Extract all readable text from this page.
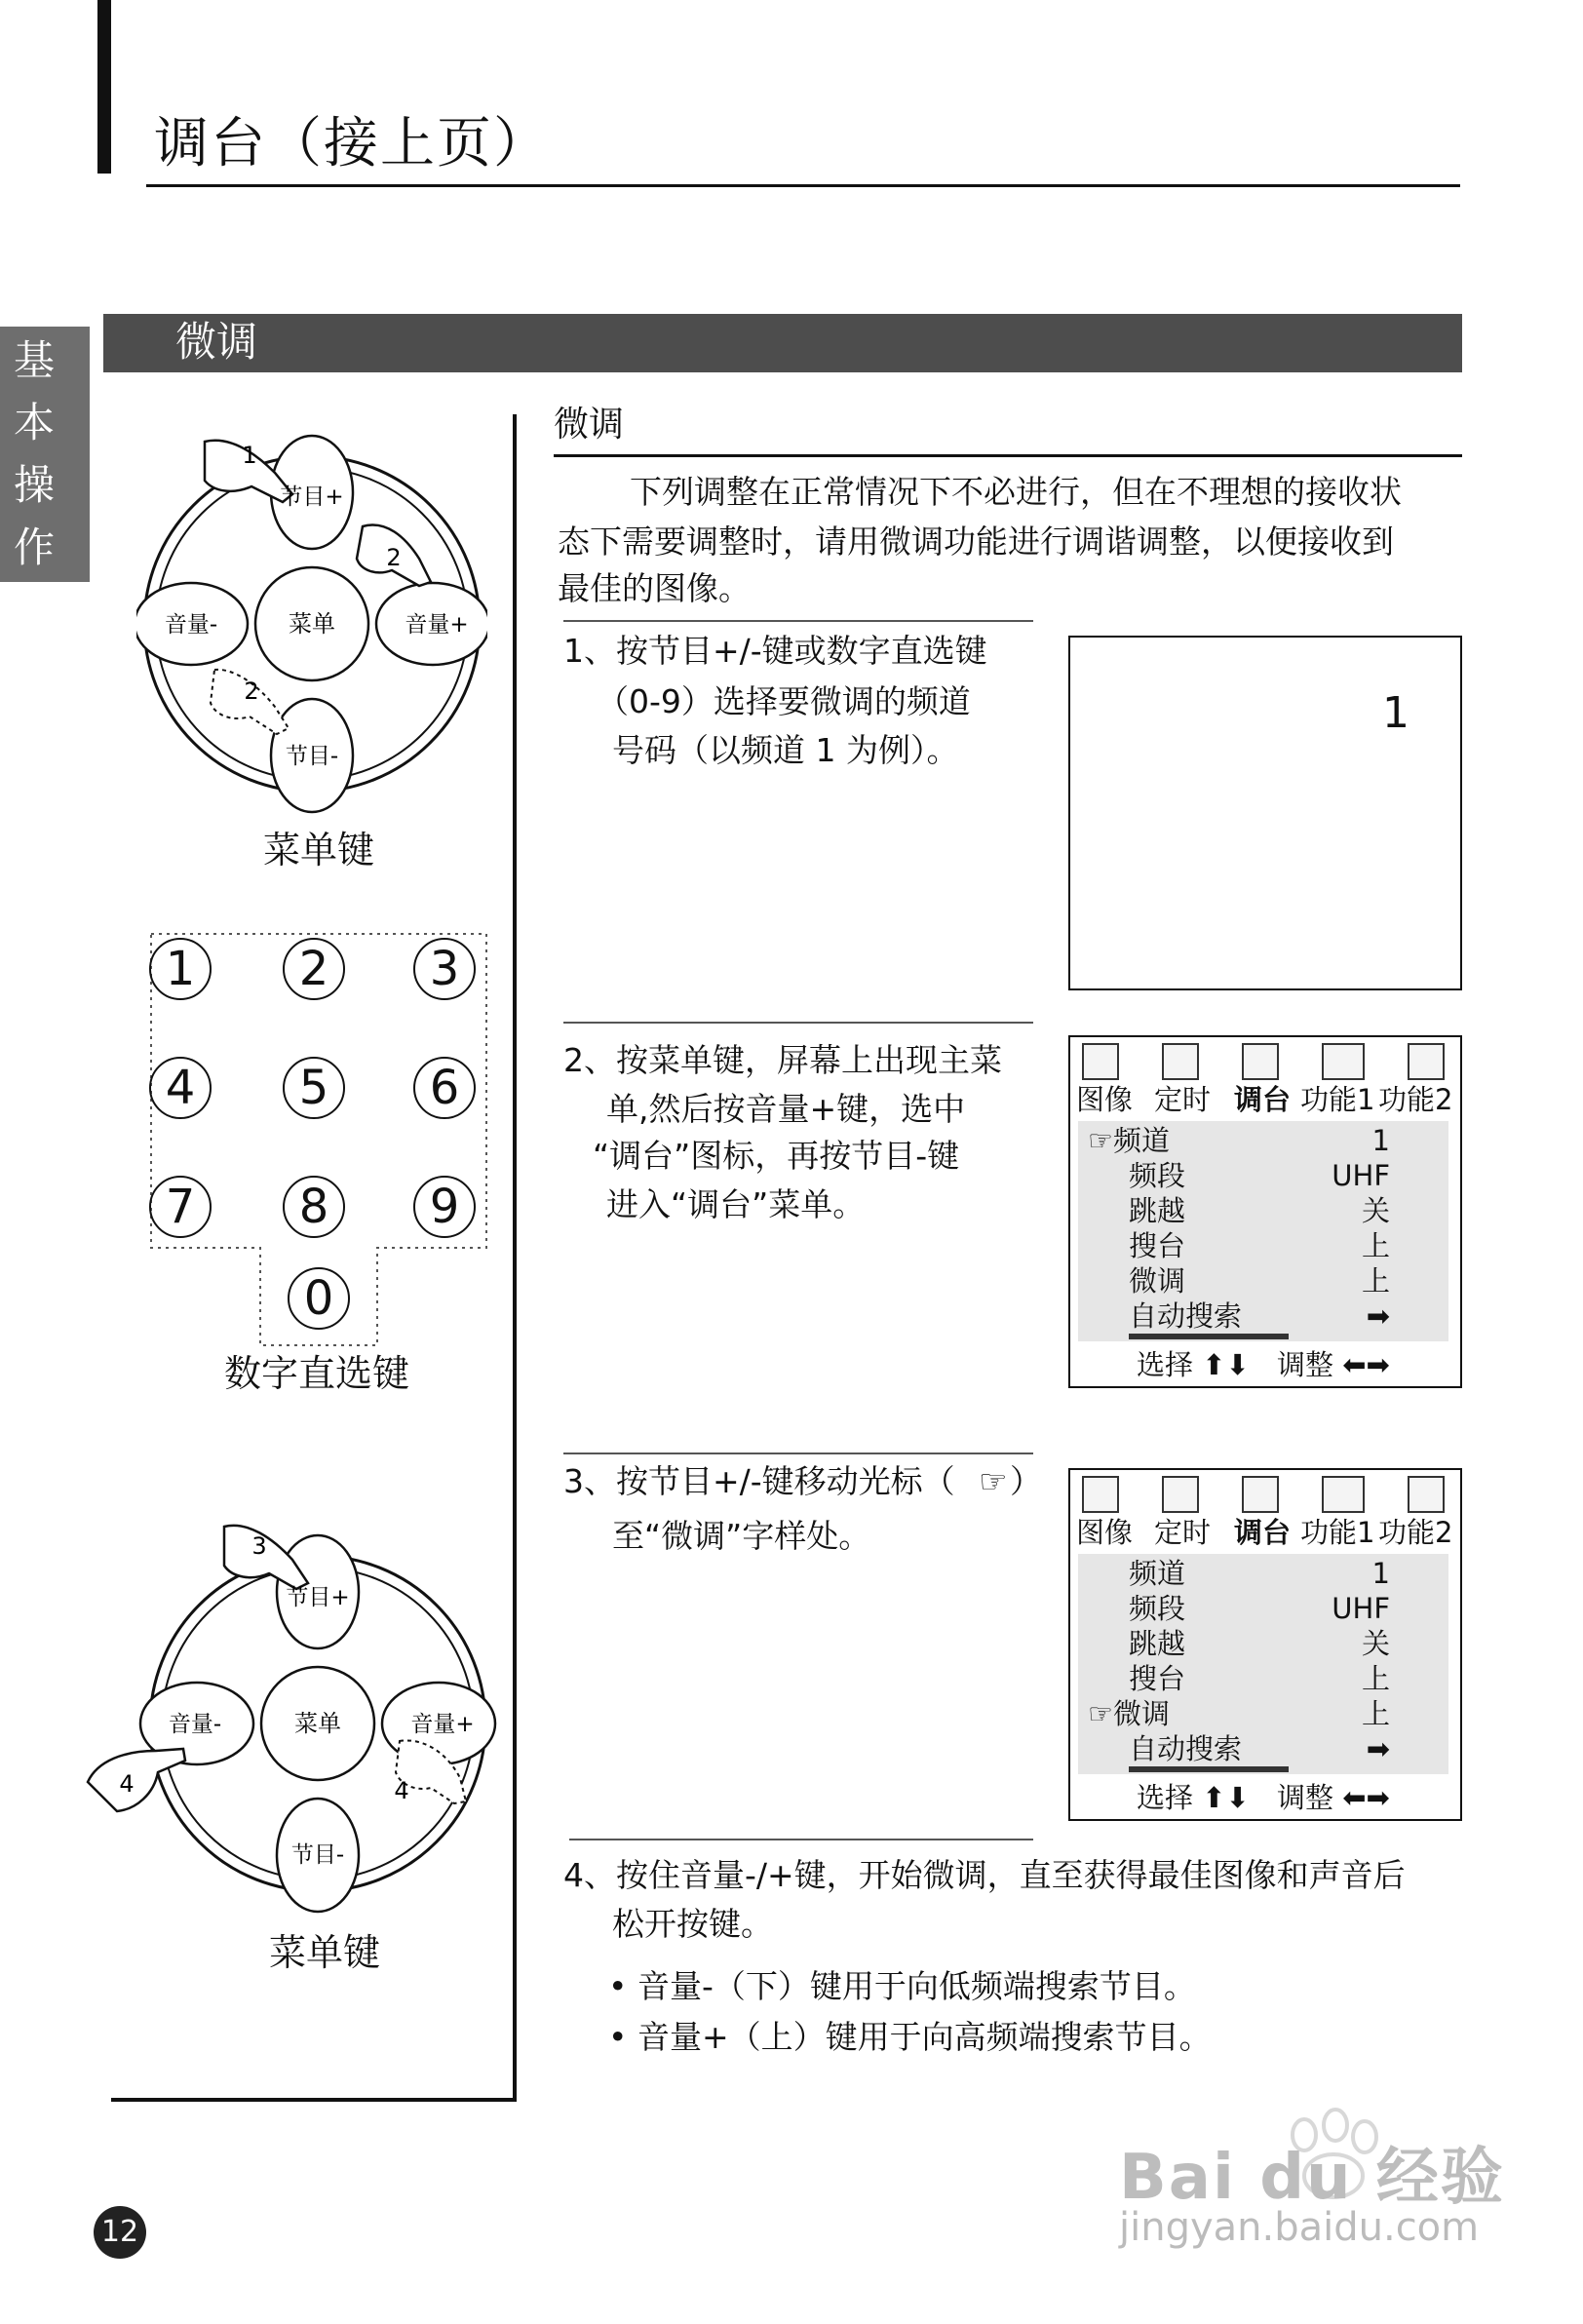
调台（接上页）
基
本
操
作
微调
节目+
节目-
音量-	音量+
菜单
1
2
2
菜单键
1	2	3
4	5	6
7	8	9
0
数字直选键
节目+
节目-
音量-	音量+
菜单
3
4	4
菜单键
微调
下列调整在正常情况下不必进行，但在不理想的接收状
态下需要调整时，请用微调功能进行调谐调整，以便接收到
最佳的图像。
1、按节目+/-键或数字直选键
（0-9）选择要微调的频道
号码（以频道 1 为例）。
1
2、按菜单键，屏幕上出现主菜
单,然后按音量+键，选中
“调台”图标，再按节目-键
进入“调台”菜单。
图像 定时 调台 功能1 功能2
☞ 频道	1
频段	UHF
跳越	关
搜台	上
微调	上
自动搜索	➡
选择 ⬆⬇ 调整 ⬅➡
3、按节目+/-键移动光标（ ☞ ）
至“微调”字样处。	图像 定时 调台 功能1 功能2
频道	1
频段	UHF
跳越	关
搜台	上
☞ 微调	上
自动搜索	➡
选择 ⬆⬇ 调整 ⬅➡
4、按住音量-/+键，开始微调，直至获得最佳图像和声音后
松开按键。
• 音量-（下）键用于向低频端搜索节目。
• 音量+（上）键用于向高频端搜索节目。
12
Bai du 经验
jingyan.baidu.com
